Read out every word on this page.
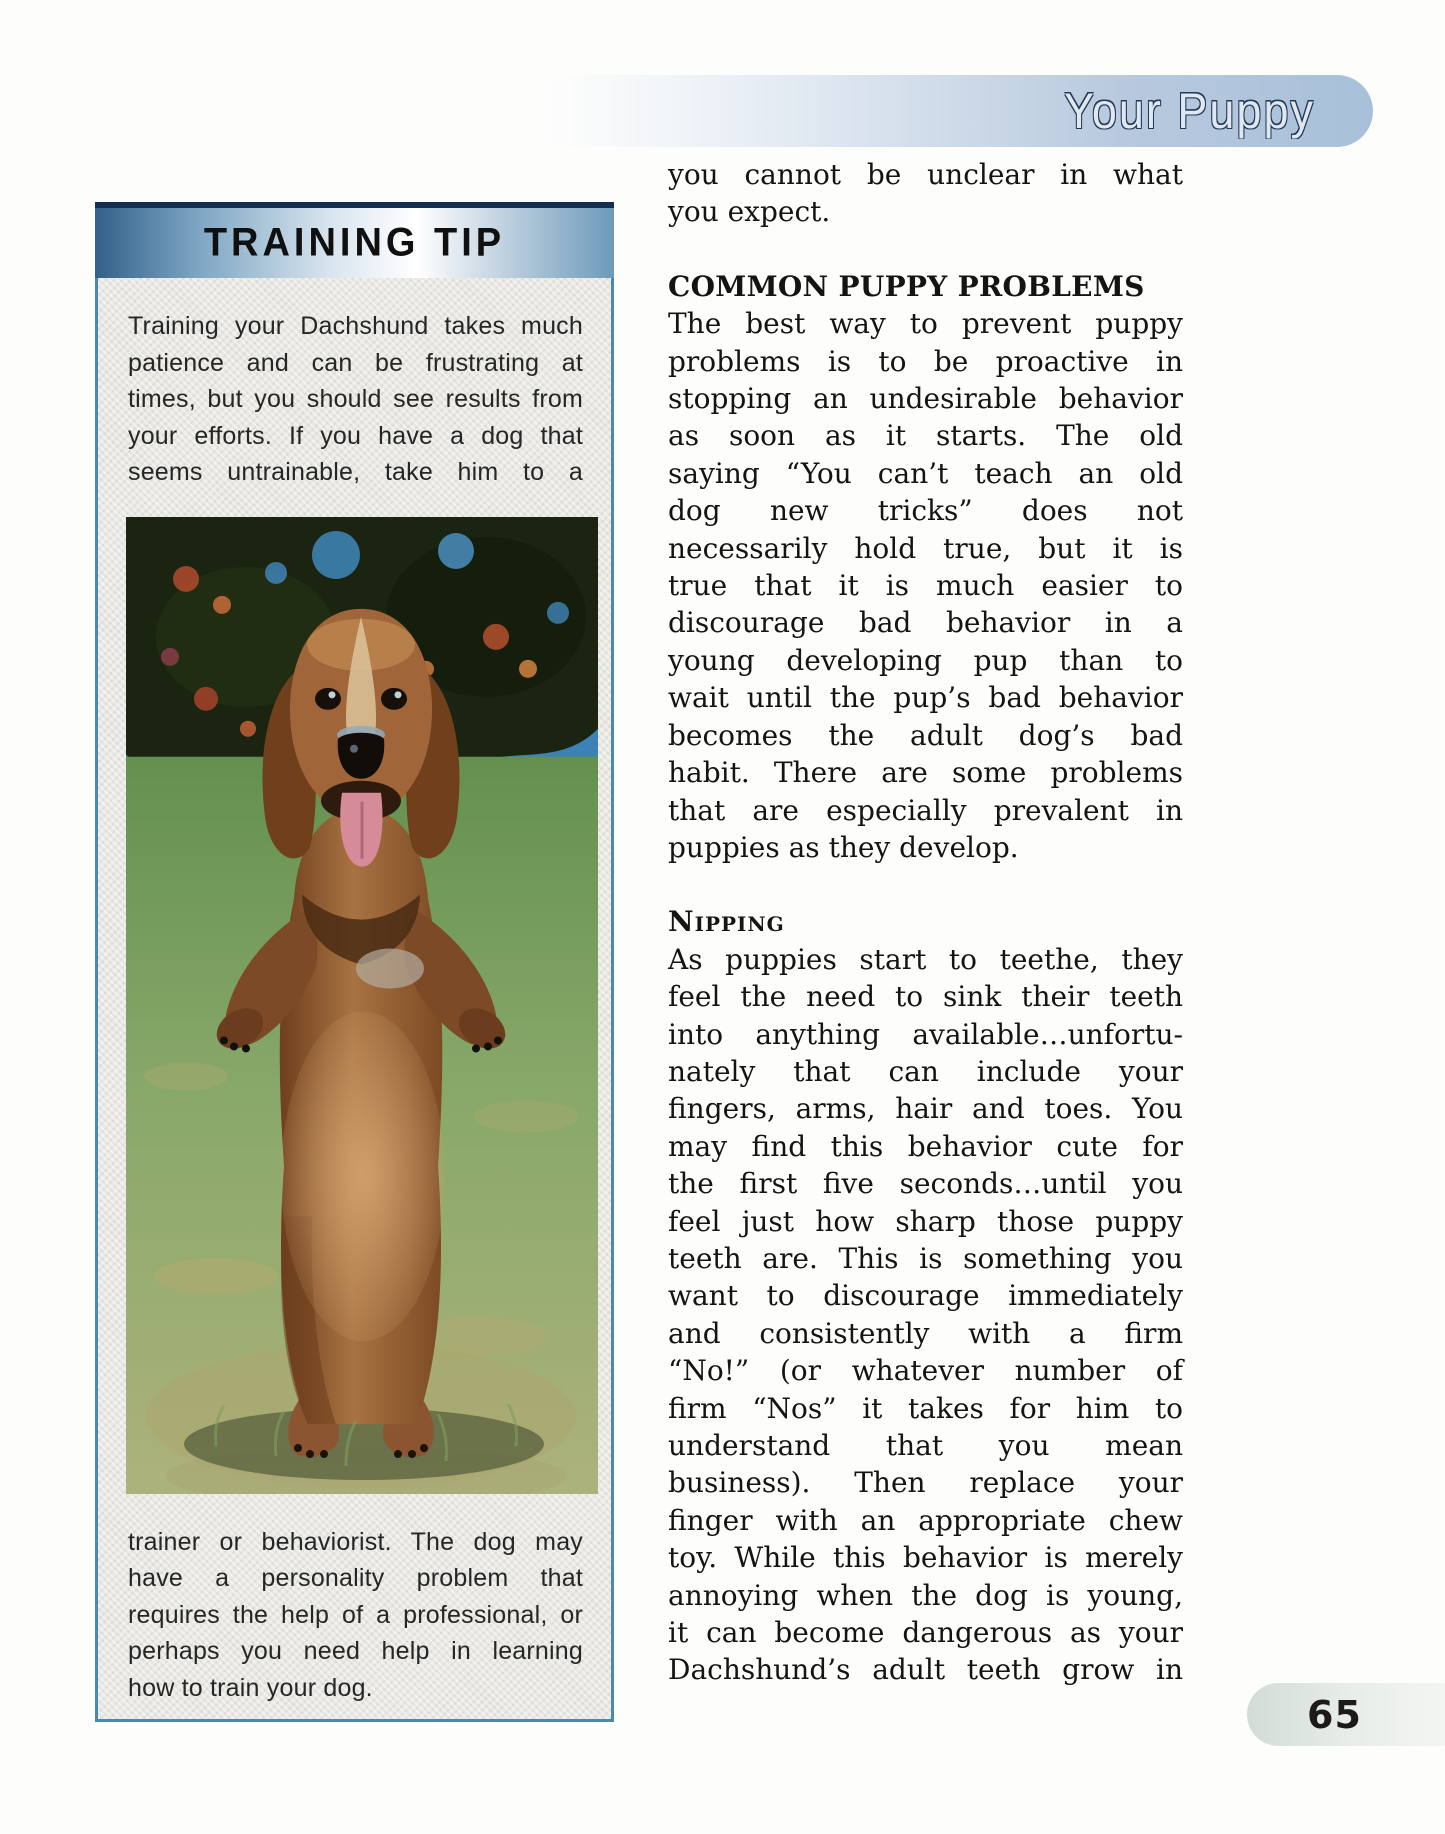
Your Puppy
TRAINING TIP
Training your Dachshund takes much
patience and can be frustrating at
times, but you should see results from
your efforts. If you have a dog that
seems untrainable, take him to a
trainer or behaviorist. The dog may
have a personality problem that
requires the help of a professional, or
perhaps you need help in learning
how to train your dog.
you cannot be unclear in what
you expect.
COMMON PUPPY PROBLEMS
The best way to prevent puppy
problems is to be proactive in
stopping an undesirable behavior
as soon as it starts. The old
saying “You can’t teach an old
dog new tricks” does not
necessarily hold true, but it is
true that it is much easier to
discourage bad behavior in a
young developing pup than to
wait until the pup’s bad behavior
becomes the adult dog’s bad
habit. There are some problems
that are especially prevalent in
puppies as they develop.
Nipping
As puppies start to teethe, they
feel the need to sink their teeth
into anything available…unfortu-
nately that can include your
fingers, arms, hair and toes. You
may find this behavior cute for
the first five seconds…until you
feel just how sharp those puppy
teeth are. This is something you
want to discourage immediately
and consistently with a firm
“No!” (or whatever number of
firm “Nos” it takes for him to
understand that you mean
business). Then replace your
finger with an appropriate chew
toy. While this behavior is merely
annoying when the dog is young,
it can become dangerous as your
Dachshund’s adult teeth grow in
65
